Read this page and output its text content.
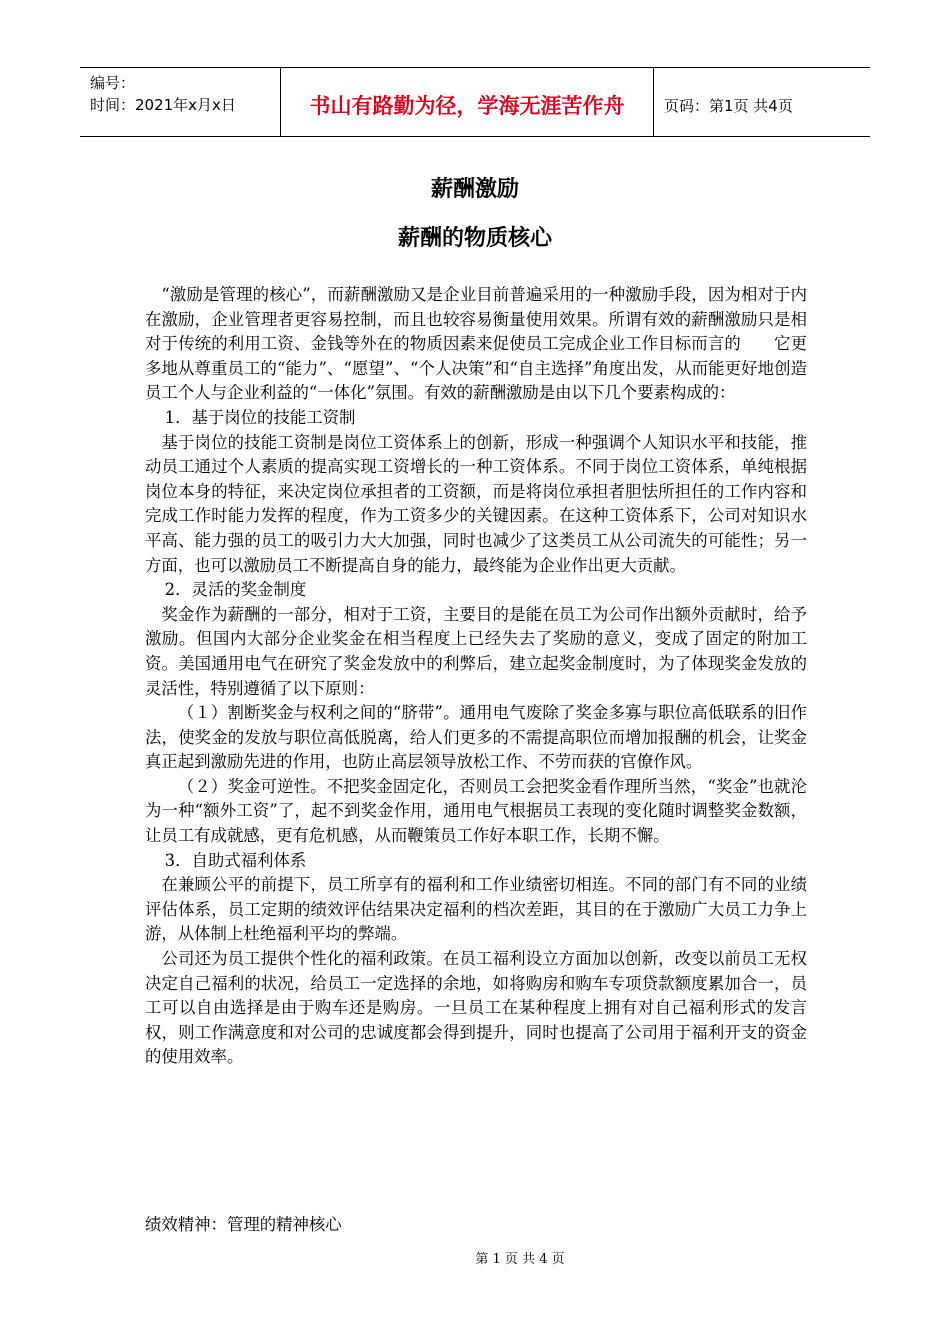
编号：
时间：2021年x月x日	书山有路勤为径，学海无涯苦作舟	页码：第1页 共4页
薪酬激励
薪酬的物质核心

“激励是管理的核心”，而薪酬激励又是企业目前普遍采用的一种激励手段，因为相对于内在激励，企业管理者更容易控制，而且也较容易衡量使用效果。所谓有效的薪酬激励只是相对于传统的利用工资、金钱等外在的物质因素来促使员工完成企业工作目标而言的　　它更多地从尊重员工的“能力”、“愿望”、“个人决策”和“自主选择”角度出发，从而能更好地创造员工个人与企业利益的“一体化”氛围。有效的薪酬激励是由以下几个要素构成的：

1．基于岗位的技能工资制

基于岗位的技能工资制是岗位工资体系上的创新，形成一种强调个人知识水平和技能，推动员工通过个人素质的提高实现工资增长的一种工资体系。不同于岗位工资体系，单纯根据岗位本身的特征，来决定岗位承担者的工资额，而是将岗位承担者胆怯所担任的工作内容和完成工作时能力发挥的程度，作为工资多少的关键因素。在这种工资体系下，公司对知识水平高、能力强的员工的吸引力大大加强，同时也减少了这类员工从公司流失的可能性；另一方面，也可以激励员工不断提高自身的能力，最终能为企业作出更大贡献。

2．灵活的奖金制度

奖金作为薪酬的一部分，相对于工资，主要目的是能在员工为公司作出额外贡献时，给予激励。但国内大部分企业奖金在相当程度上已经失去了奖励的意义，变成了固定的附加工资。美国通用电气在研究了奖金发放中的利弊后，建立起奖金制度时，为了体现奖金发放的灵活性，特别遵循了以下原则：

（１）割断奖金与权利之间的“脐带”。通用电气废除了奖金多寡与职位高低联系的旧作法，使奖金的发放与职位高低脱离，给人们更多的不需提高职位而增加报酬的机会，让奖金真正起到激励先进的作用，也防止高层领导放松工作、不劳而获的官僚作风。

（２）奖金可逆性。不把奖金固定化，否则员工会把奖金看作理所当然，“奖金”也就沦为一种“额外工资”了，起不到奖金作用，通用电气根据员工表现的变化随时调整奖金数额，让员工有成就感，更有危机感，从而鞭策员工作好本职工作，长期不懈。

3．自助式福利体系

在兼顾公平的前提下，员工所享有的福利和工作业绩密切相连。不同的部门有不同的业绩评估体系，员工定期的绩效评估结果决定福利的档次差距，其目的在于激励广大员工力争上游，从体制上杜绝福利平均的弊端。

公司还为员工提供个性化的福利政策。在员工福利设立方面加以创新，改变以前员工无权决定自己福利的状况，给员工一定选择的余地，如将购房和购车专项贷款额度累加合一，员工可以自由选择是由于购车还是购房。一旦员工在某种程度上拥有对自己福利形式的发言权，则工作满意度和对公司的忠诚度都会得到提升，同时也提高了公司用于福利开支的资金的使用效率。

绩效精神：管理的精神核心
第 1 页 共 4 页
